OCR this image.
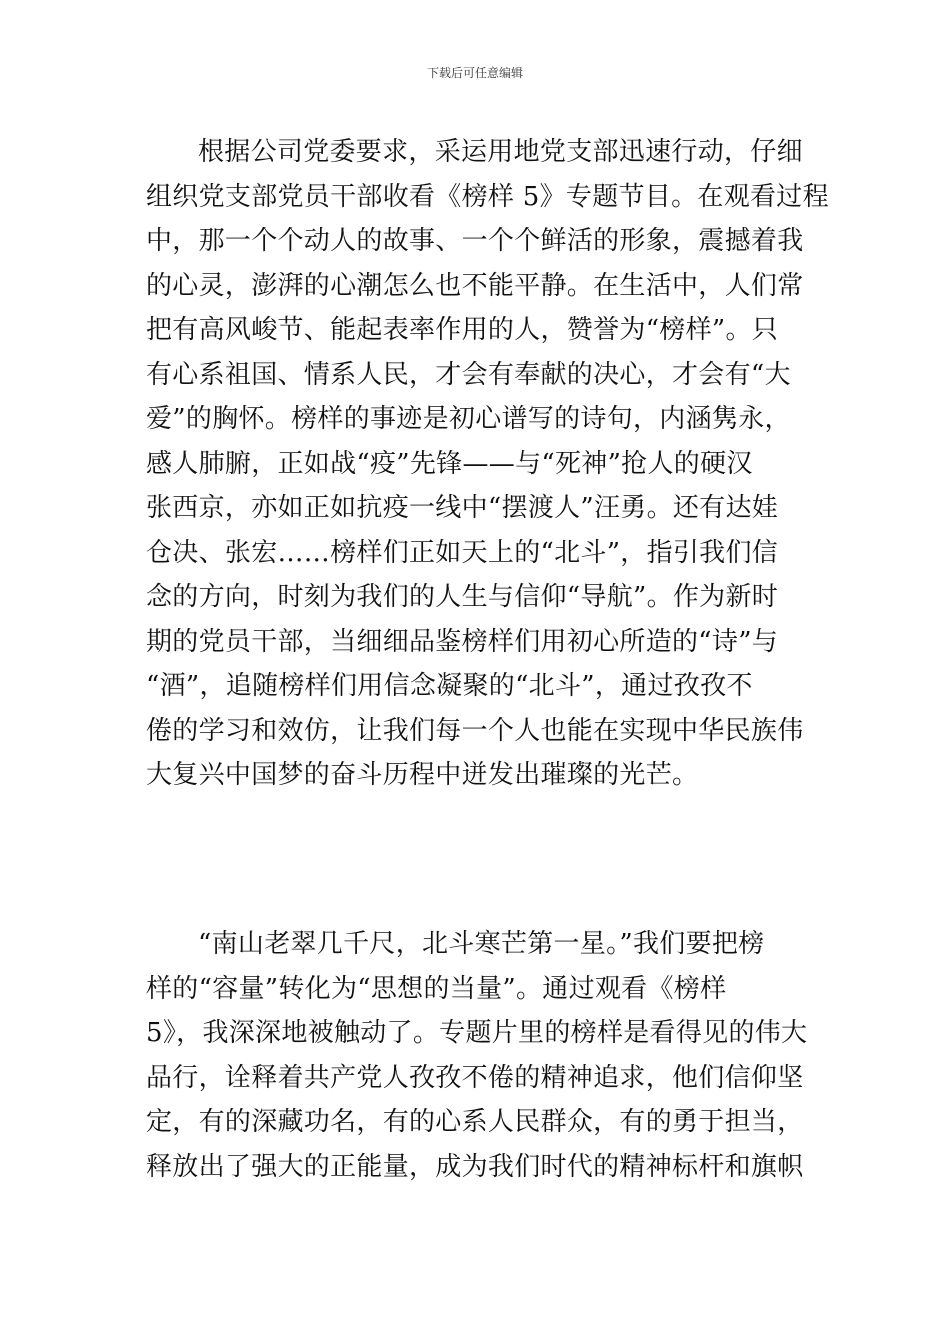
下载后可任意编辑
根据公司党委要求，采运用地党支部迅速行动，仔细
组织党支部党员干部收看《榜样 5》专题节目。在观看过程
中，那一个个动人的故事、一个个鲜活的形象，震撼着我
的心灵，澎湃的心潮怎么也不能平静。在生活中，人们常
把有高风峻节、能起表率作用的人，赞誉为“榜样”。只
有心系祖国、情系人民，才会有奉献的决心，才会有“大
爱”的胸怀。榜样的事迹是初心谱写的诗句，内涵隽永，
感人肺腑，正如战“疫”先锋——与“死神”抢人的硬汉
张西京，亦如正如抗疫一线中“摆渡人”汪勇。还有达娃
仓决、张宏……榜样们正如天上的“北斗”，指引我们信
念的方向，时刻为我们的人生与信仰“导航”。作为新时
期的党员干部，当细细品鉴榜样们用初心所造的“诗”与
“酒”，追随榜样们用信念凝聚的“北斗”，通过孜孜不
倦的学习和效仿，让我们每一个人也能在实现中华民族伟
大复兴中国梦的奋斗历程中迸发出璀璨的光芒。
“南山老翠几千尺，北斗寒芒第一星。”我们要把榜
样的“容量”转化为“思想的当量”。通过观看《榜样
5》，我深深地被触动了。专题片里的榜样是看得见的伟大
品行，诠释着共产党人孜孜不倦的精神追求，他们信仰坚
定，有的深藏功名，有的心系人民群众，有的勇于担当，
释放出了强大的正能量，成为我们时代的精神标杆和旗帜
